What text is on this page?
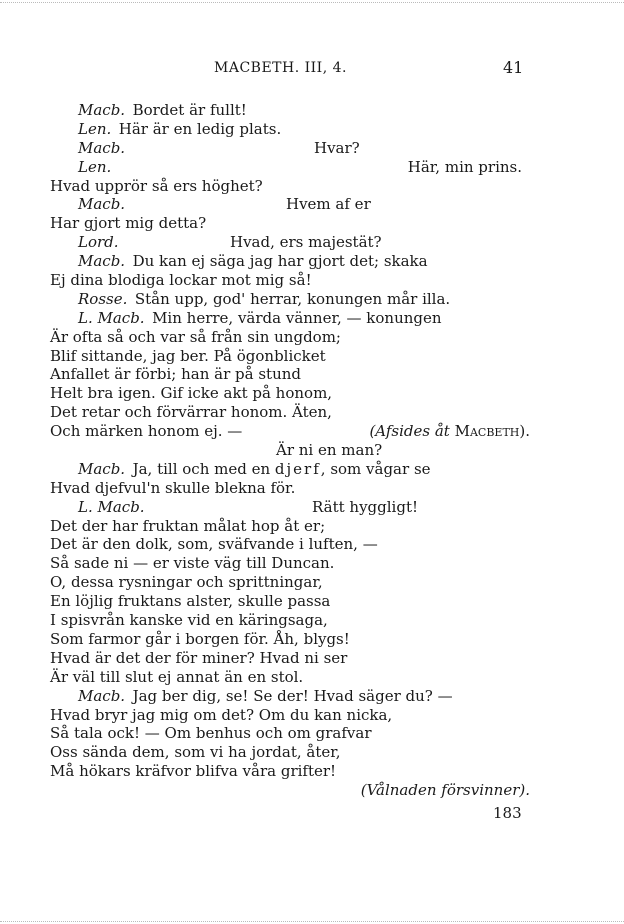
MACBETH. III, 4.	41
Macb. Bordet är fullt!
Len. Här är en ledig plats.
Macb.	Hvar?
Len.	Här, min prins.
Hvad upprör så ers höghet?
Macb.	Hvem af er
Har gjort mig detta?
Lord.	Hvad, ers majestät?
Macb. Du kan ej säga jag har gjort det; skaka
Ej dina blodiga lockar mot mig så!
Rosse. Stån upp, god' herrar, konungen mår illa.
L. Macb. Min herre, värda vänner, — konungen
Är ofta så och var så från sin ungdom;
Blif sittande, jag ber. På ögonblicket
Anfallet är förbi; han är på stund
Helt bra igen. Gif icke akt på honom,
Det retar och förvärrar honom. Äten,
Och märken honom ej. —	(Afsides åt Macbeth).
Är ni en man?
Macb. Ja, till och med en djerf, som vågar se
Hvad djefvul'n skulle blekna för.
L. Macb.	Rätt hyggligt!
Det der har fruktan målat hop åt er;
Det är den dolk, som, sväfvande i luften, —
Så sade ni — er viste väg till Duncan.
O, dessa rysningar och sprittningar,
En löjlig fruktans alster, skulle passa
I spisvrån kanske vid en käringsaga,
Som farmor går i borgen för. Åh, blygs!
Hvad är det der för miner? Hvad ni ser
Är väl till slut ej annat än en stol.
Macb. Jag ber dig, se! Se der! Hvad säger du? —
Hvad bryr jag mig om det? Om du kan nicka,
Så tala ock! — Om benhus och om grafvar
Oss sända dem, som vi ha jordat, åter,
Må hökars kräfvor blifva våra grifter!
(Vålnaden försvinner).
183
